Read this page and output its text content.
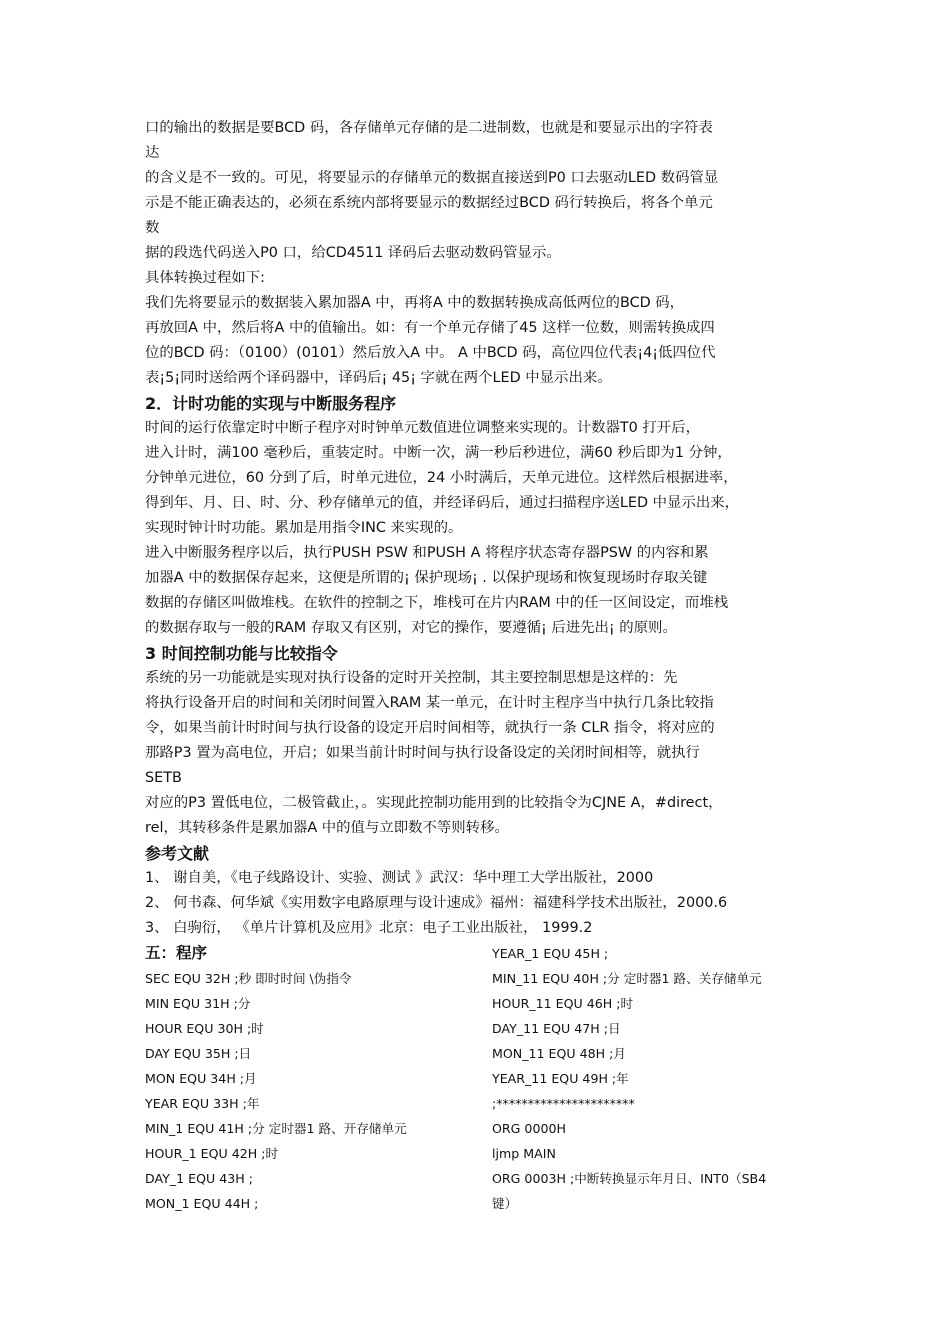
口的输出的数据是要BCD 码，各存储单元存储的是二进制数，也就是和要显示出的字符表

达

的含义是不一致的。可见，将要显示的存储单元的数据直接送到P0 口去驱动LED 数码管显

示是不能正确表达的，必须在系统内部将要显示的数据经过BCD 码行转换后，将各个单元

数

据的段选代码送入P0 口，给CD4511 译码后去驱动数码管显示。

具体转换过程如下:

我们先将要显示的数据装入累加器A 中，再将A 中的数据转换成高低两位的BCD 码，

再放回A 中，然后将A 中的值输出。如：有一个单元存储了45 这样一位数，则需转换成四

位的BCD 码：（0100）(0101）然后放入A 中。 A 中BCD 码，高位四位代表¡4¡低四位代

表¡5¡同时送给两个译码器中，译码后¡ 45¡ 字就在两个LED 中显示出来。

2．计时功能的实现与中断服务程序

时间的运行依靠定时中断子程序对时钟单元数值进位调整来实现的。计数器T0 打开后，

进入计时，满100 毫秒后，重装定时。中断一次，满一秒后秒进位，满60 秒后即为1 分钟，

分钟单元进位，60 分到了后，时单元进位，24 小时满后，天单元进位。这样然后根据进率，

得到年、月、日、时、分、秒存储单元的值，并经译码后，通过扫描程序送LED 中显示出来，

实现时钟计时功能。累加是用指令INC 来实现的。

进入中断服务程序以后，执行PUSH PSW 和PUSH A 将程序状态寄存器PSW 的内容和累

加器A 中的数据保存起来，这便是所谓的¡ 保护现场¡ . 以保护现场和恢复现场时存取关键

数据的存储区叫做堆栈。在软件的控制之下，堆栈可在片内RAM 中的任一区间设定，而堆栈

的数据存取与一般的RAM 存取又有区别，对它的操作，要遵循¡ 后进先出¡ 的原则。

3 时间控制功能与比较指令

系统的另一功能就是实现对执行设备的定时开关控制，其主要控制思想是这样的：先

将执行设备开启的时间和关闭时间置入RAM 某一单元，在计时主程序当中执行几条比较指

令，如果当前计时时间与执行设备的设定开启时间相等，就执行一条 CLR 指令，将对应的

那路P3 置为高电位，开启；如果当前计时时间与执行设备设定的关闭时间相等，就执行

SETB

对应的P3 置低电位，二极管截止，。实现此控制功能用到的比较指令为CJNE A，#direct，

rel，其转移条件是累加器A 中的值与立即数不等则转移。

参考文献

1、 谢自美，《电子线路设计、实验、测试 》武汉：华中理工大学出版社，2000

2、 何书森、何华斌《实用数字电路原理与设计速成》福州：福建科学技术出版社，2000.6

3、 白驹衍， 《单片计算机及应用》北京：电子工业出版社， 1999.2

五：程序

SEC EQU 32H ;秒 即时时间 \伪指令

MIN EQU 31H ;分

HOUR EQU 30H ;时

DAY EQU 35H ;日

MON EQU 34H ;月

YEAR EQU 33H ;年

MIN_1 EQU 41H ;分 定时器1 路、开存储单元

HOUR_1 EQU 42H ;时

DAY_1 EQU 43H ;

MON_1 EQU 44H ;

YEAR_1 EQU 45H ;

MIN_11 EQU 40H ;分 定时器1 路、关存储单元

HOUR_11 EQU 46H ;时

DAY_11 EQU 47H ;日

MON_11 EQU 48H ;月

YEAR_11 EQU 49H ;年

;**********************

ORG 0000H

ljmp MAIN

ORG 0003H ;中断转换显示年月日、INT0（SB4

键）
